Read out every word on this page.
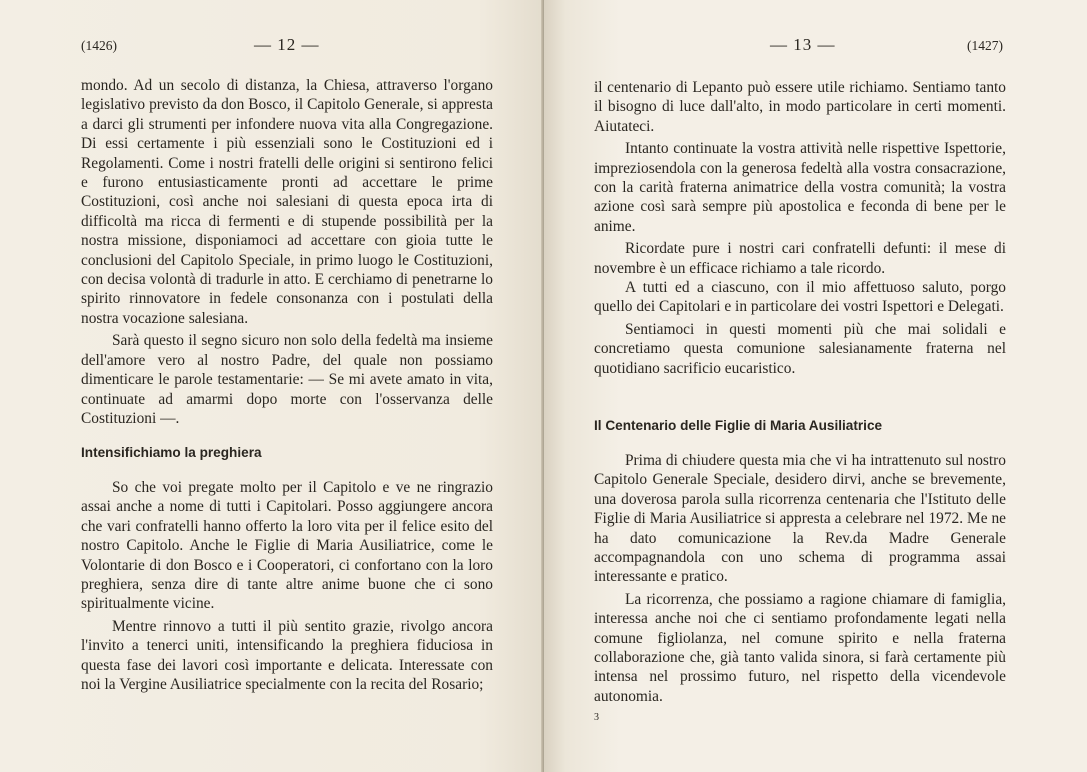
(1426)	— 12 —

mondo. Ad un secolo di distanza, la Chiesa, attraverso l'organo legislativo previsto da don Bosco, il Capitolo Generale, si appresta a darci gli strumenti per infondere nuova vita alla Congregazione. Di essi certamente i più essenziali sono le Costituzioni ed i Regolamenti. Come i nostri fratelli delle origini si sentirono felici e furono entusiasticamente pronti ad accettare le prime Costituzioni, così anche noi salesiani di questa epoca irta di difficoltà ma ricca di fermenti e di stupende possibilità per la nostra missione, disponiamoci ad accettare con gioia tutte le conclusioni del Capitolo Speciale, in primo luogo le Costituzioni, con decisa volontà di tradurle in atto. E cerchiamo di penetrarne lo spirito rinnovatore in fedele consonanza con i postulati della nostra vocazione salesiana.

Sarà questo il segno sicuro non solo della fedeltà ma insieme dell'amore vero al nostro Padre, del quale non possiamo dimenticare le parole testamentarie: — Se mi avete amato in vita, continuate ad amarmi dopo morte con l'osservanza delle Costituzioni —.

Intensifichiamo la preghiera

So che voi pregate molto per il Capitolo e ve ne ringrazio assai anche a nome di tutti i Capitolari. Posso aggiungere ancora che vari confratelli hanno offerto la loro vita per il felice esito del nostro Capitolo. Anche le Figlie di Maria Ausiliatrice, come le Volontarie di don Bosco e i Cooperatori, ci confortano con la loro preghiera, senza dire di tante altre anime buone che ci sono spiritualmente vicine.

Mentre rinnovo a tutti il più sentito grazie, rivolgo ancora l'invito a tenerci uniti, intensificando la preghiera fiduciosa in questa fase dei lavori così importante e delicata. Interessate con noi la Vergine Ausiliatrice specialmente con la recita del Rosario;

— 13 —	(1427)

il centenario di Lepanto può essere utile richiamo. Sentiamo tanto il bisogno di luce dall'alto, in modo particolare in certi momenti. Aiutateci.

Intanto continuate la vostra attività nelle rispettive Ispettorie, impreziosendola con la generosa fedeltà alla vostra consacrazione, con la carità fraterna animatrice della vostra comunità; la vostra azione così sarà sempre più apostolica e feconda di bene per le anime.

Ricordate pure i nostri cari confratelli defunti: il mese di novembre è un efficace richiamo a tale ricordo.

A tutti ed a ciascuno, con il mio affettuoso saluto, porgo quello dei Capitolari e in particolare dei vostri Ispettori e Delegati.

Sentiamoci in questi momenti più che mai solidali e concretiamo questa comunione salesianamente fraterna nel quotidiano sacrificio eucaristico.

Il Centenario delle Figlie di Maria Ausiliatrice

Prima di chiudere questa mia che vi ha intrattenuto sul nostro Capitolo Generale Speciale, desidero dirvi, anche se brevemente, una doverosa parola sulla ricorrenza centenaria che l'Istituto delle Figlie di Maria Ausiliatrice si appresta a celebrare nel 1972. Me ne ha dato comunicazione la Rev.da Madre Generale accompagnandola con uno schema di programma assai interessante e pratico.

La ricorrenza, che possiamo a ragione chiamare di famiglia, interessa anche noi che ci sentiamo profondamente legati nella comune figliolanza, nel comune spirito e nella fraterna collaborazione che, già tanto valida sinora, si farà certamente più intensa nel prossimo futuro, nel rispetto della vicendevole autonomia.

3
